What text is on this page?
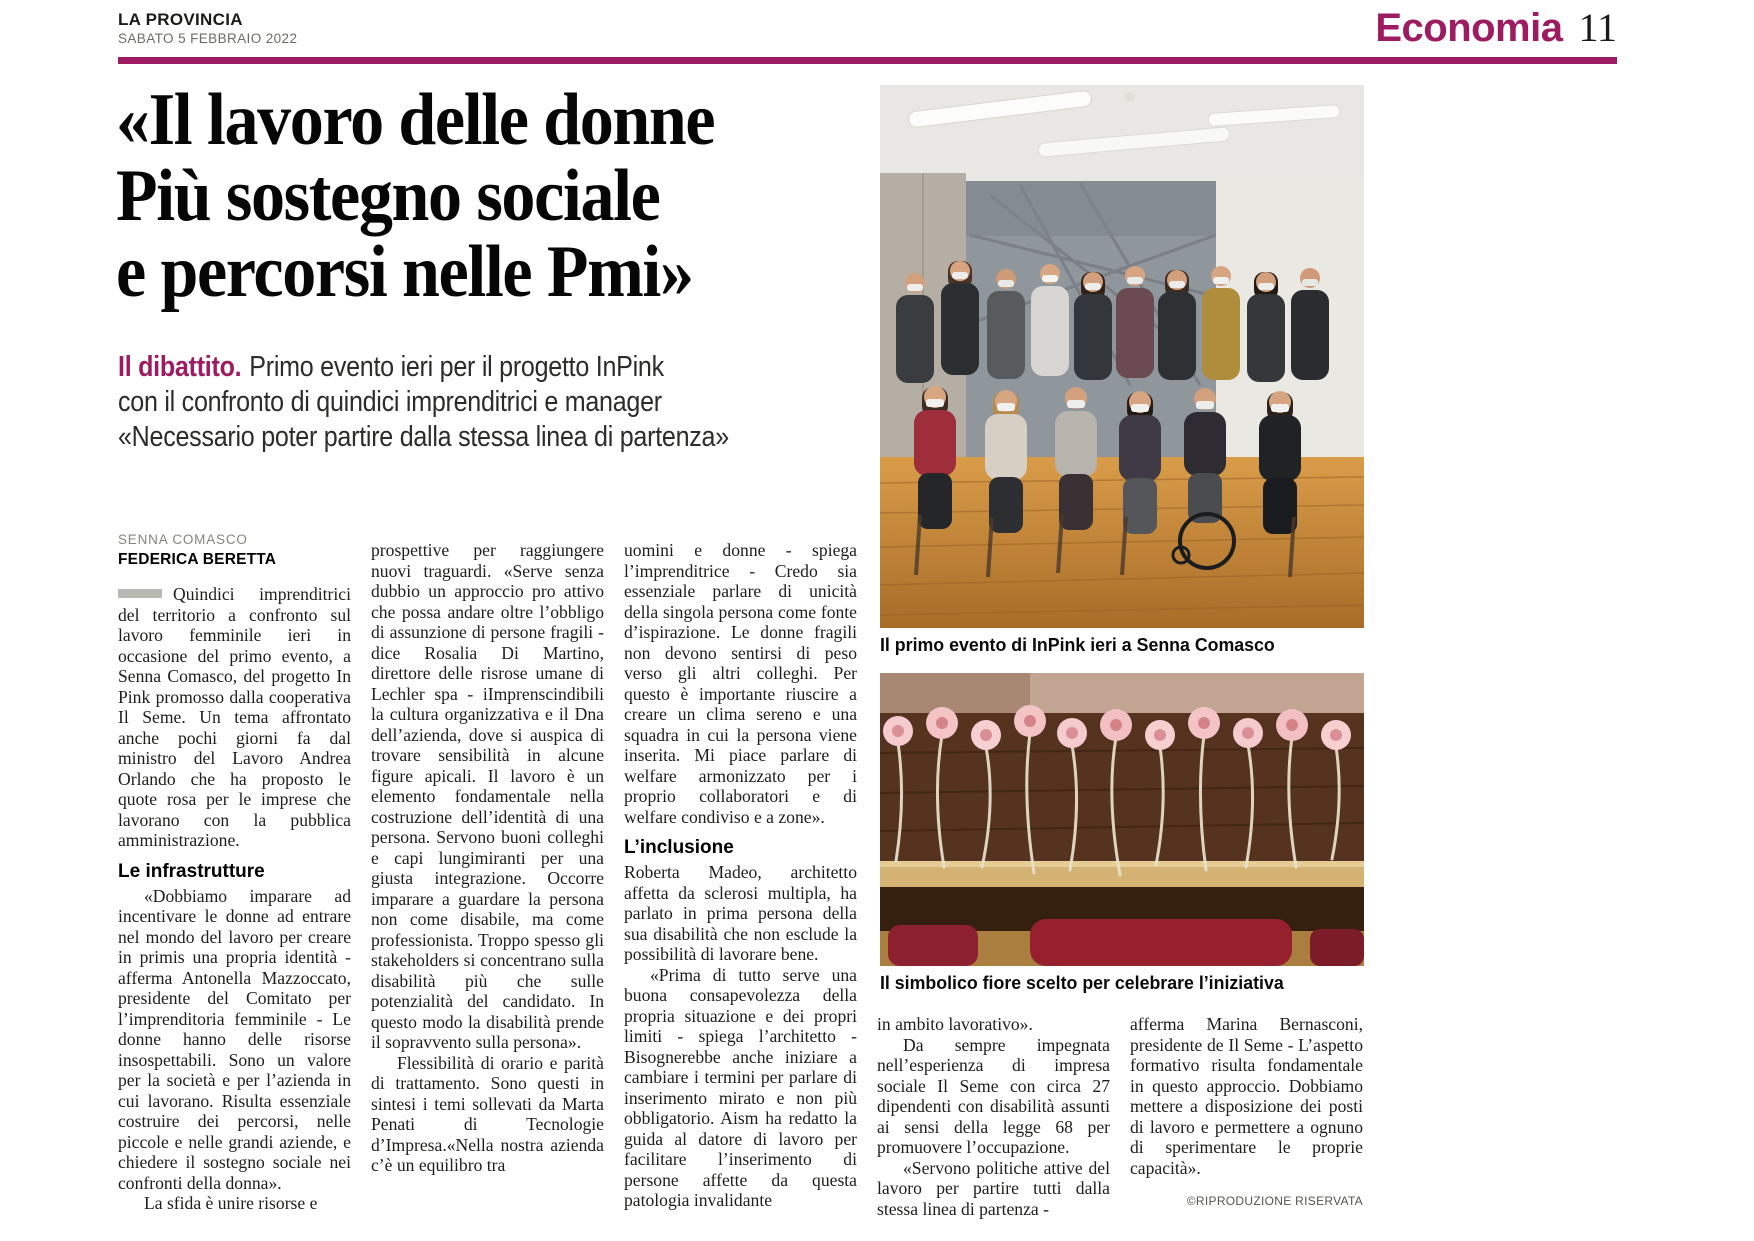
LA PROVINCIA
SABATO 5 FEBBRAIO 2022	Economia 11
«Il lavoro delle donne
Più sostegno sociale
e percorsi nelle Pmi»
Il dibattito. Primo evento ieri per il progetto InPink
con il confronto di quindici imprenditrici e manager
«Necessario poter partire dalla stessa linea di partenza»
SENNA COMASCO
FEDERICA BERETTA

Quindici imprenditrici del territorio a confronto sul lavoro femminile ieri in occasione del primo evento, a Senna Comasco, del progetto In Pink promosso dalla cooperativa Il Seme. Un tema affrontato anche pochi giorni fa dal ministro del Lavoro Andrea Orlando che ha proposto le quote rosa per le imprese che lavorano con la pubblica amministrazione.

Le infrastrutture

«Dobbiamo imparare ad incentivare le donne ad entrare nel mondo del lavoro per creare in primis una propria identità - afferma Antonella Mazzoccato, presidente del Comitato per l’imprenditoria femminile - Le donne hanno delle risorse insospettabili. Sono un valore per la società e per l’azienda in cui lavorano. Risulta essenziale costruire dei percorsi, nelle piccole e nelle grandi aziende, e chiedere il sostegno sociale nei confronti della donna».

La sfida è unire risorse e

prospettive per raggiungere nuovi traguardi. «Serve senza dubbio un approccio pro attivo che possa andare oltre l’obbligo di assunzione di persone fragili - dice Rosalia Di Martino, direttore delle risrose umane di Lechler spa - iImprenscindibili la cultura organizzativa e il Dna dell’azienda, dove si auspica di trovare sensibilità in alcune figure apicali. Il lavoro è un elemento fondamentale nella costruzione dell’identità di una persona. Servono buoni colleghi e capi lungimiranti per una giusta integrazione. Occorre imparare a guardare la persona non come disabile, ma come professionista. Troppo spesso gli stakeholders si concentrano sulla disabilità più che sulle potenzialità del candidato. In questo modo la disabilità prende il sopravvento sulla persona».

Flessibilità di orario e parità di trattamento. Sono questi in sintesi i temi sollevati da Marta Penati di Tecnologie d’Impresa.«Nella nostra azienda c’è un equilibro tra

uomini e donne - spiega l’imprenditrice - Credo sia essenziale parlare di unicità della singola persona come fonte d’ispirazione. Le donne fragili non devono sentirsi di peso verso gli altri colleghi. Per questo è importante riuscire a creare un clima sereno e una squadra in cui la persona viene inserita. Mi piace parlare di welfare armonizzato per i proprio collaboratori e di welfare condiviso e a zone».

L’inclusione

Roberta Madeo, architetto affetta da sclerosi multipla, ha parlato in prima persona della sua disabilità che non esclude la possibilità di lavorare bene.

«Prima di tutto serve una buona consapevolezza della propria situazione e dei propri limiti - spiega l’architetto - Bisognerebbe anche iniziare a cambiare i termini per parlare di inserimento mirato e non più obbligatorio. Aism ha redatto la guida al datore di lavoro per facilitare l’inserimento di persone affette da questa patologia invalidante

in ambito lavorativo».

Da sempre impegnata nell’esperienza di impresa sociale Il Seme con circa 27 dipendenti con disabilità assunti ai sensi della legge 68 per promuovere l’occupazione.

«Servono politiche attive del lavoro per partire tutti dalla stessa linea di partenza -

afferma Marina Bernasconi, presidente de Il Seme - L’aspetto formativo risulta fondamentale in questo approccio. Dobbiamo mettere a disposizione dei posti di lavoro e permettere a ognuno di sperimentare le proprie capacità».

©RIPRODUZIONE RISERVATA

Il primo evento di InPink ieri a Senna Comasco
Il simbolico fiore scelto per celebrare l’iniziativa
